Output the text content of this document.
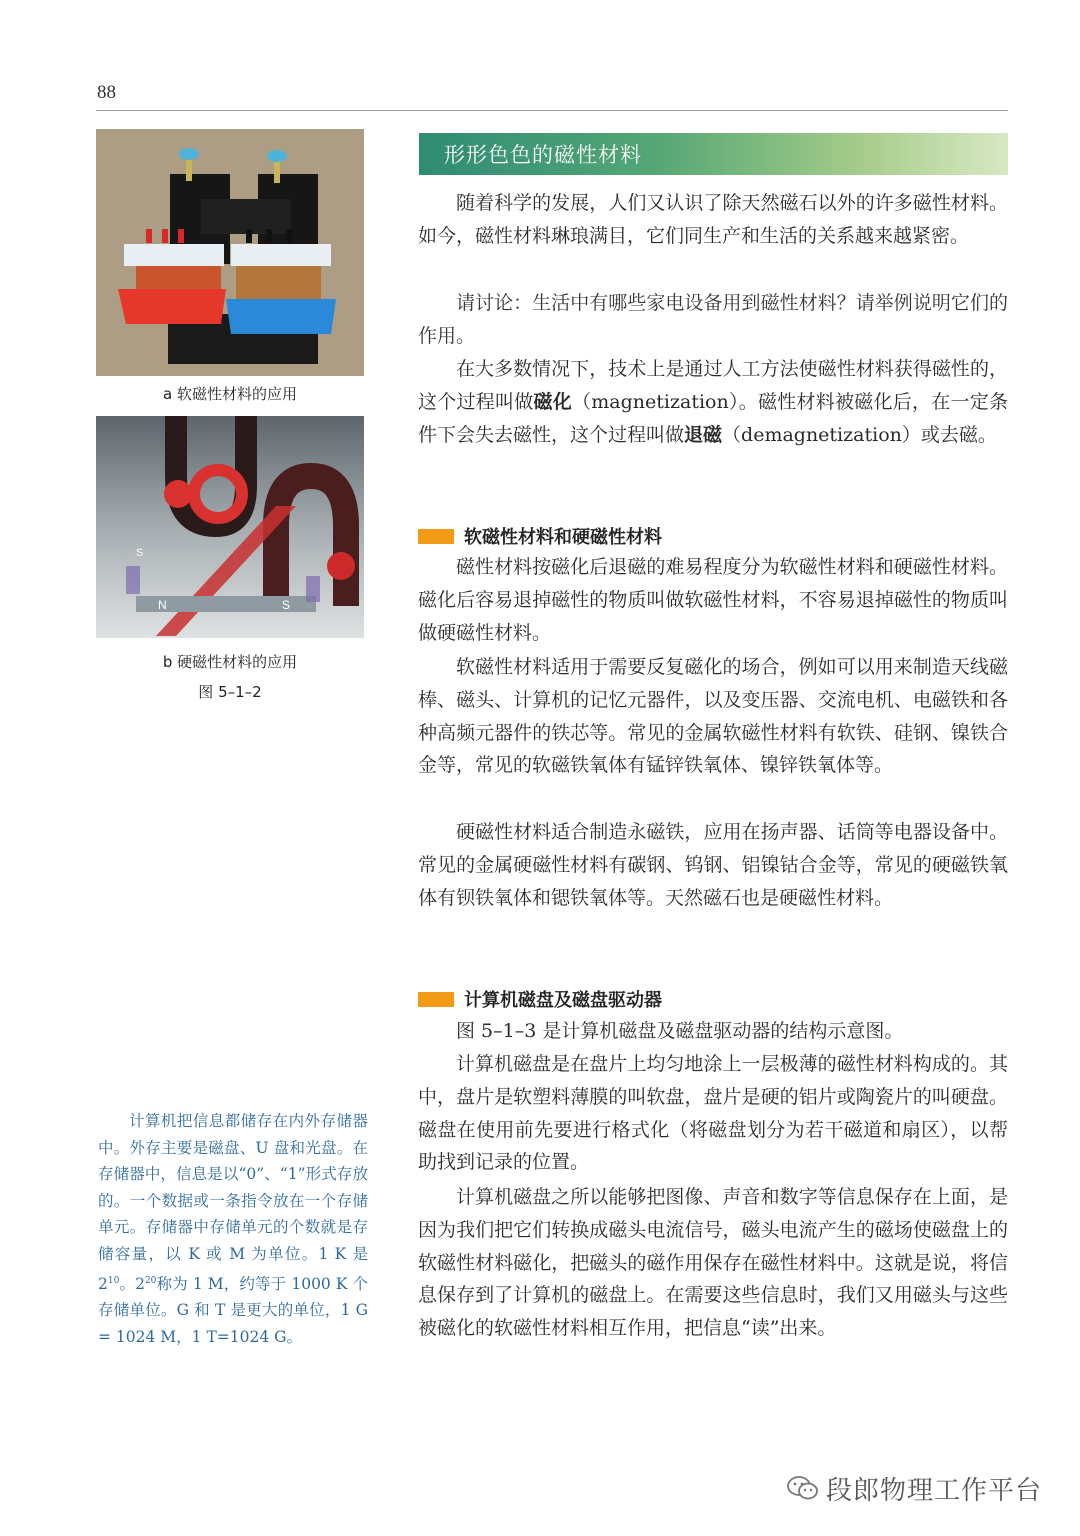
88
a 软磁性材料的应用
N	S
S
b 硬磁性材料的应用
图 5–1–2
计算机把信息都储存在内外存储器中。外存主要是磁盘、U 盘和光盘。在存储器中，信息是以“0”、“1”形式存放的。一个数据或一条指令放在一个存储单元。存储器中存储单元的个数就是存储容量，以 K 或 M 为单位。1 K 是 $2^{10}$。$2^{20}$称为 1 M，约等于 1000 K 个存储单位。G 和 T 是更大的单位，1 G = 1024 M，1 T=1024 G。
形形色色的磁性材料
随着科学的发展，人们又认识了除天然磁石以外的许多磁性材料。如今，磁性材料琳琅满目，它们同生产和生活的关系越来越紧密。
请讨论：生活中有哪些家电设备用到磁性材料？请举例说明它们的作用。
在大多数情况下，技术上是通过人工方法使磁性材料获得磁性的，这个过程叫做磁化（magnetization）。磁性材料被磁化后，在一定条件下会失去磁性，这个过程叫做退磁（demagnetization）或去磁。
软磁性材料和硬磁性材料
磁性材料按磁化后退磁的难易程度分为软磁性材料和硬磁性材料。磁化后容易退掉磁性的物质叫做软磁性材料，不容易退掉磁性的物质叫做硬磁性材料。
软磁性材料适用于需要反复磁化的场合，例如可以用来制造天线磁棒、磁头、计算机的记忆元器件，以及变压器、交流电机、电磁铁和各种高频元器件的铁芯等。常见的金属软磁性材料有软铁、硅钢、镍铁合金等，常见的软磁铁氧体有锰锌铁氧体、镍锌铁氧体等。
硬磁性材料适合制造永磁铁，应用在扬声器、话筒等电器设备中。常见的金属硬磁性材料有碳钢、钨钢、铝镍钴合金等，常见的硬磁铁氧体有钡铁氧体和锶铁氧体等。天然磁石也是硬磁性材料。
计算机磁盘及磁盘驱动器
图 5–1–3 是计算机磁盘及磁盘驱动器的结构示意图。
计算机磁盘是在盘片上均匀地涂上一层极薄的磁性材料构成的。其中，盘片是软塑料薄膜的叫软盘，盘片是硬的铝片或陶瓷片的叫硬盘。磁盘在使用前先要进行格式化（将磁盘划分为若干磁道和扇区），以帮助找到记录的位置。
计算机磁盘之所以能够把图像、声音和数字等信息保存在上面，是因为我们把它们转换成磁头电流信号，磁头电流产生的磁场使磁盘上的软磁性材料磁化，把磁头的磁作用保存在磁性材料中。这就是说，将信息保存到了计算机的磁盘上。在需要这些信息时，我们又用磁头与这些被磁化的软磁性材料相互作用，把信息“读”出来。
段郎物理工作平台
